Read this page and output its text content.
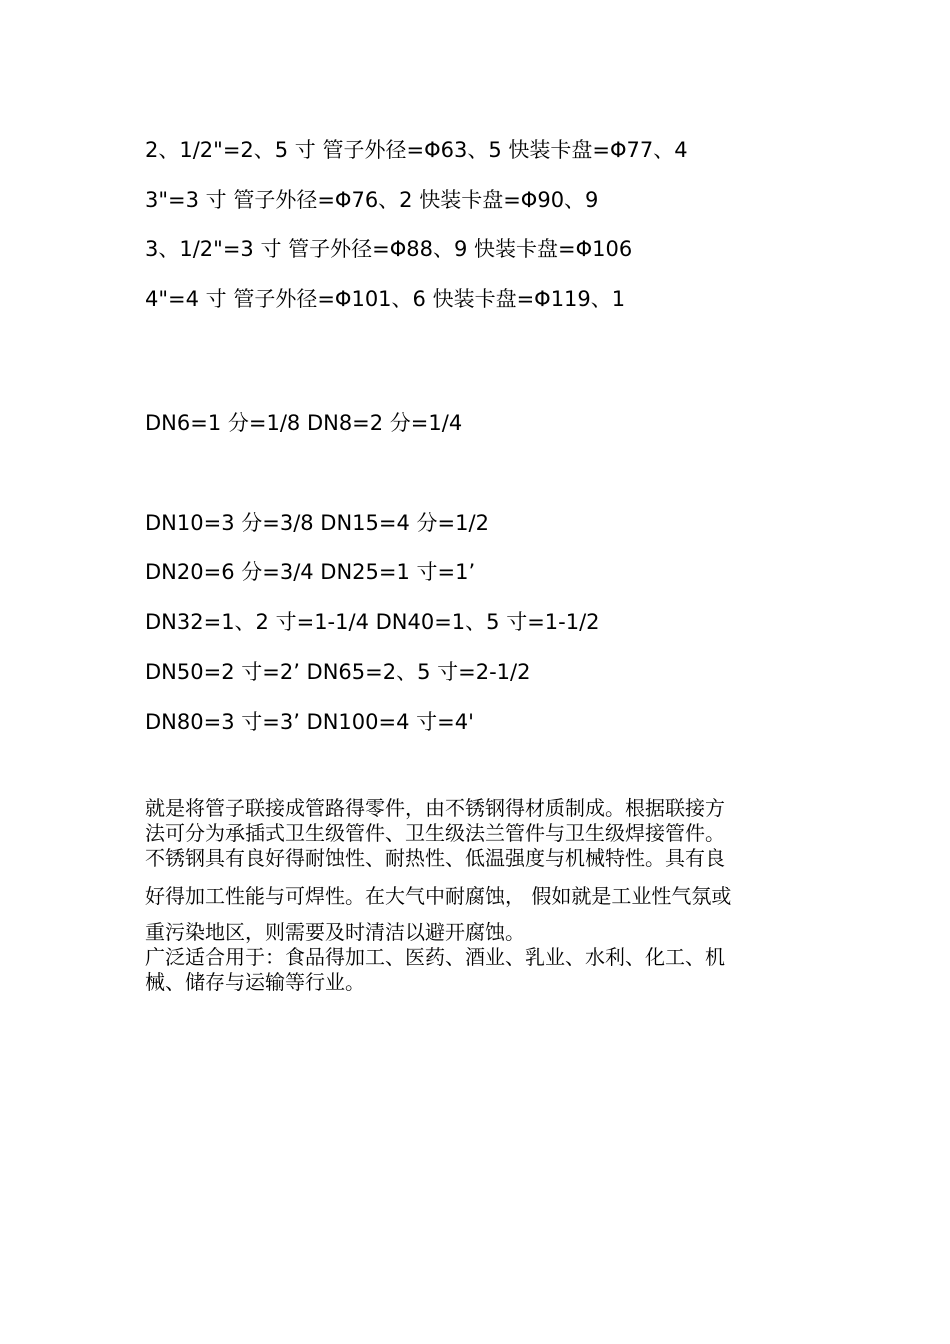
2、1/2"=2、5 寸 管子外径=Φ63、5 快装卡盘=Φ77、4

3"=3 寸 管子外径=Φ76、2 快装卡盘=Φ90、9

3、1/2"=3 寸 管子外径=Φ88、9 快装卡盘=Φ106

4"=4 寸 管子外径=Φ101、6 快装卡盘=Φ119、1

DN6=1 分=1/8 DN8=2 分=1/4

DN10=3 分=3/8 DN15=4 分=1/2

DN20=6 分=3/4 DN25=1 寸=1’

DN32=1、2 寸=1-1/4 DN40=1、5 寸=1-1/2

DN50=2 寸=2’ DN65=2、5 寸=2-1/2

DN80=3 寸=3’ DN100=4 寸=4'

就是将管子联接成管路得零件，由不锈钢得材质制成。根据联接方
法可分为承插式卫生级管件、卫生级法兰管件与卫生级焊接管件。
不锈钢具有良好得耐蚀性、耐热性、低温强度与机械特性。具有良
好得加工性能与可焊性。在大气中耐腐蚀， 假如就是工业性气氛或
重污染地区，则需要及时清洁以避开腐蚀。
广泛适合用于：食品得加工、医药、酒业、乳业、水利、化工、机
械、储存与运输等行业。
